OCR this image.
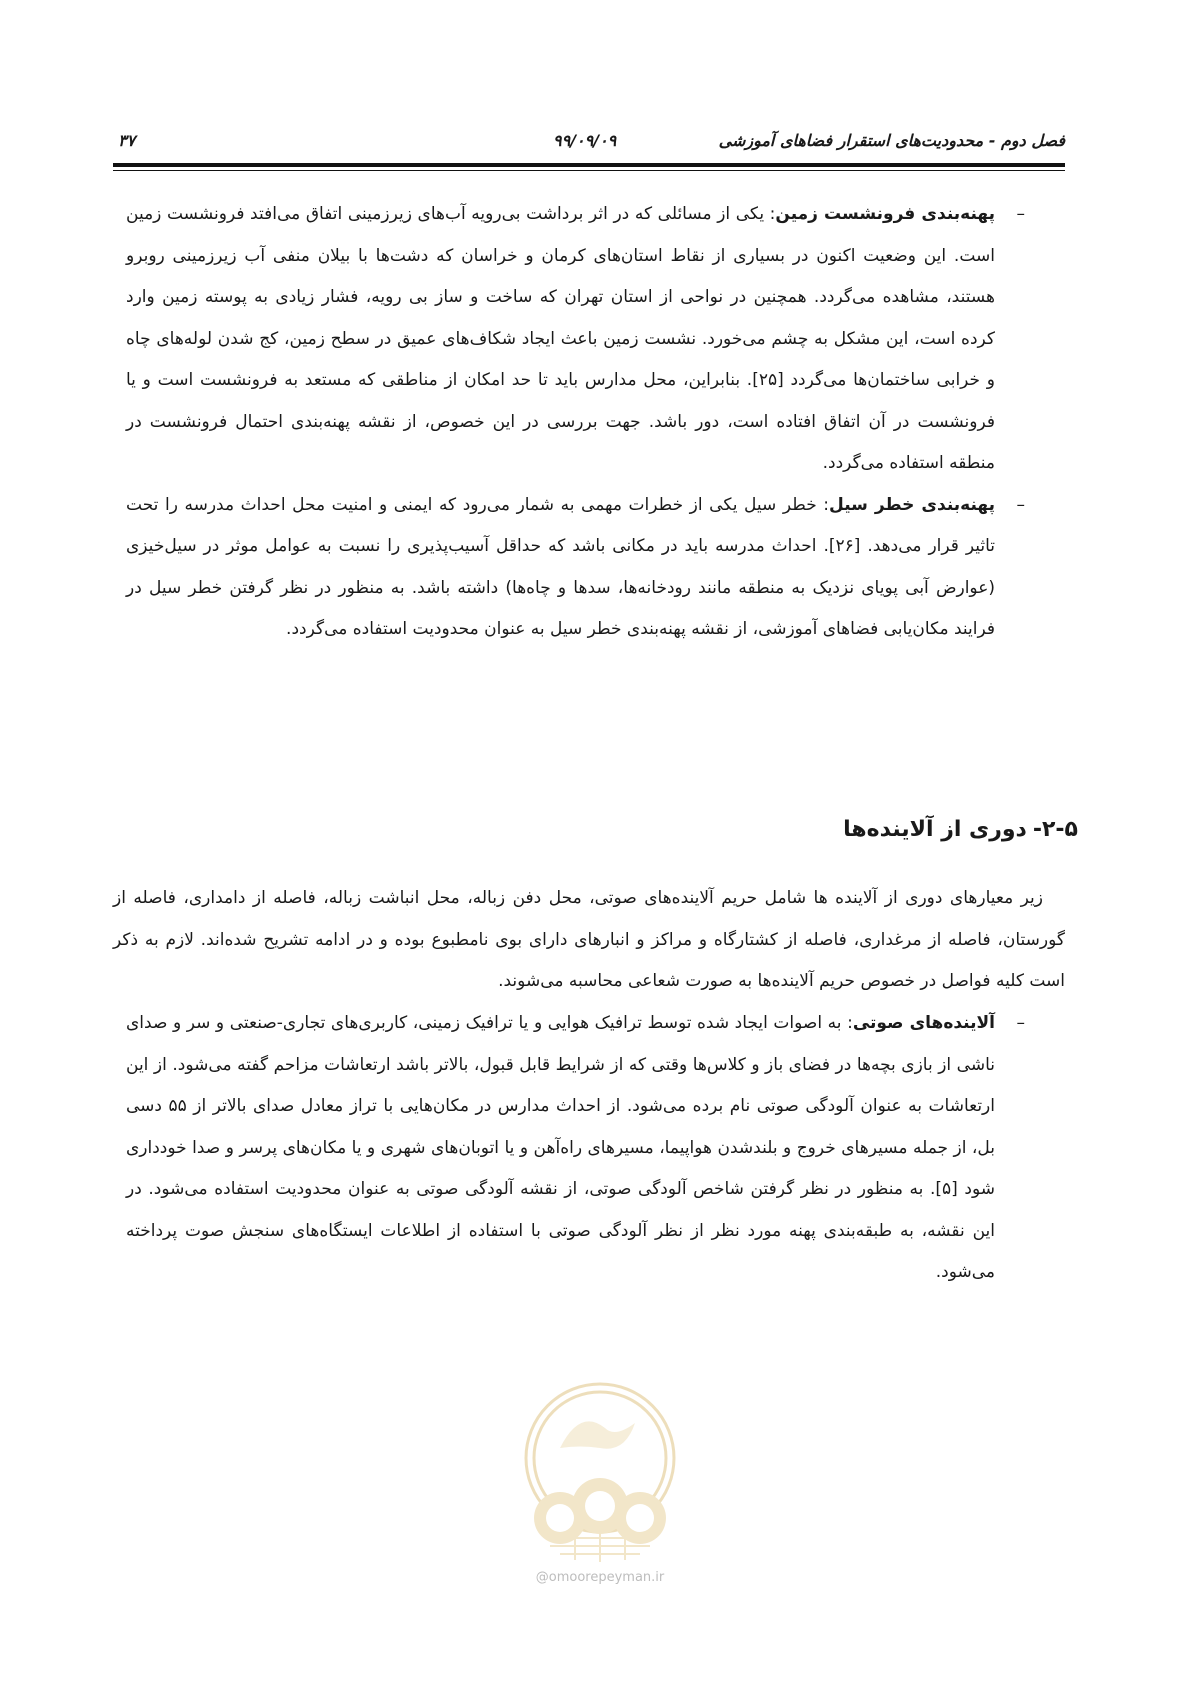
فصل دوم - محدودیت‌های استقرار فضاهای آموزشی
۹۹/۰۹/۰۹
۳۷
–
پهنه‌بندی فرونشست زمین: یکی از مسائلی که در اثر برداشت بی‌رویه آب‌های زیرزمینی اتفاق می‌افتد فرونشست زمین است. این وضعیت اکنون در بسیاری از نقاط استان‌های کرمان و خراسان که دشت‌ها با بیلان منفی آب زیرزمینی روبرو هستند، مشاهده می‌گردد. همچنین در نواحی از استان تهران که ساخت و ساز بی رویه، فشار زیادی به پوسته زمین وارد کرده است، این مشکل به چشم می‌خورد. نشست زمین باعث ایجاد شکاف‌های عمیق در سطح زمین، کج شدن لوله‌های چاه و خرابی ساختمان‌ها می‌گردد [۲۵]. بنابراین، محل مدارس باید تا حد امکان از مناطقی که مستعد به فرونشست است و یا فرونشست در آن اتفاق افتاده است، دور باشد. جهت بررسی در این خصوص، از نقشه پهنه‌بندی احتمال فرونشست در منطقه استفاده می‌گردد.
–
پهنه‌بندی خطر سیل: خطر سیل یکی از خطرات مهمی به شمار می‌رود که ایمنی و امنیت محل احداث مدرسه را تحت تاثیر قرار می‌دهد. [۲۶]. احداث مدرسه باید در مکانی باشد که حداقل آسیب‌پذیری را نسبت به عوامل موثر در سیل‌خیزی (عوارض آبی پویای نزدیک به منطقه مانند رودخانه‌ها، سدها و چاه‌ها) داشته باشد. به منظور در نظر گرفتن خطر سیل در فرایند مکان‌یابی فضاهای آموزشی، از نقشه پهنه‌بندی خطر سیل به عنوان محدودیت استفاده می‌گردد.
۲-۵-دوری از آلاینده‌ها
زیر معیارهای دوری از آلاینده ها شامل حریم آلاینده‌های صوتی، محل دفن زباله، محل انباشت زباله، فاصله از دامداری، فاصله از گورستان، فاصله از مرغداری، فاصله از کشتارگاه و مراکز و انبارهای دارای بوی نامطبوع بوده و در ادامه تشریح شده‌اند. لازم به ذکر است کلیه فواصل در خصوص حریم آلاینده‌ها به صورت شعاعی محاسبه می‌شوند.
–
آلاینده‌های صوتی: به اصوات ایجاد شده توسط ترافیک هوایی و یا ترافیک زمینی، کاربری‌های تجاری-صنعتی و سر و صدای ناشی از بازی بچه‌ها در فضای باز و کلاس‌ها وقتی که از شرایط قابل قبول، بالاتر باشد ارتعاشات مزاحم گفته می‌شود. از این ارتعاشات به عنوان آلودگی صوتی نام برده می‌شود. از احداث مدارس در مکان‌هایی با تراز معادل صدای بالاتر از ۵۵ دسی بل، از جمله مسیرهای خروج و بلندشدن هواپیما، مسیرهای راه‌آهن و یا اتوبان‌های شهری و یا مکان‌های پرسر و صدا خودداری شود [۵]. به منظور در نظر گرفتن شاخص آلودگی صوتی، از نقشه آلودگی صوتی به عنوان محدودیت استفاده می‌شود. در این نقشه، به طبقه‌بندی پهنه مورد نظر از نظر آلودگی صوتی با استفاده از اطلاعات ایستگاه‌های سنجش صوت پرداخته می‌شود.
@omoorepeyman.ir
